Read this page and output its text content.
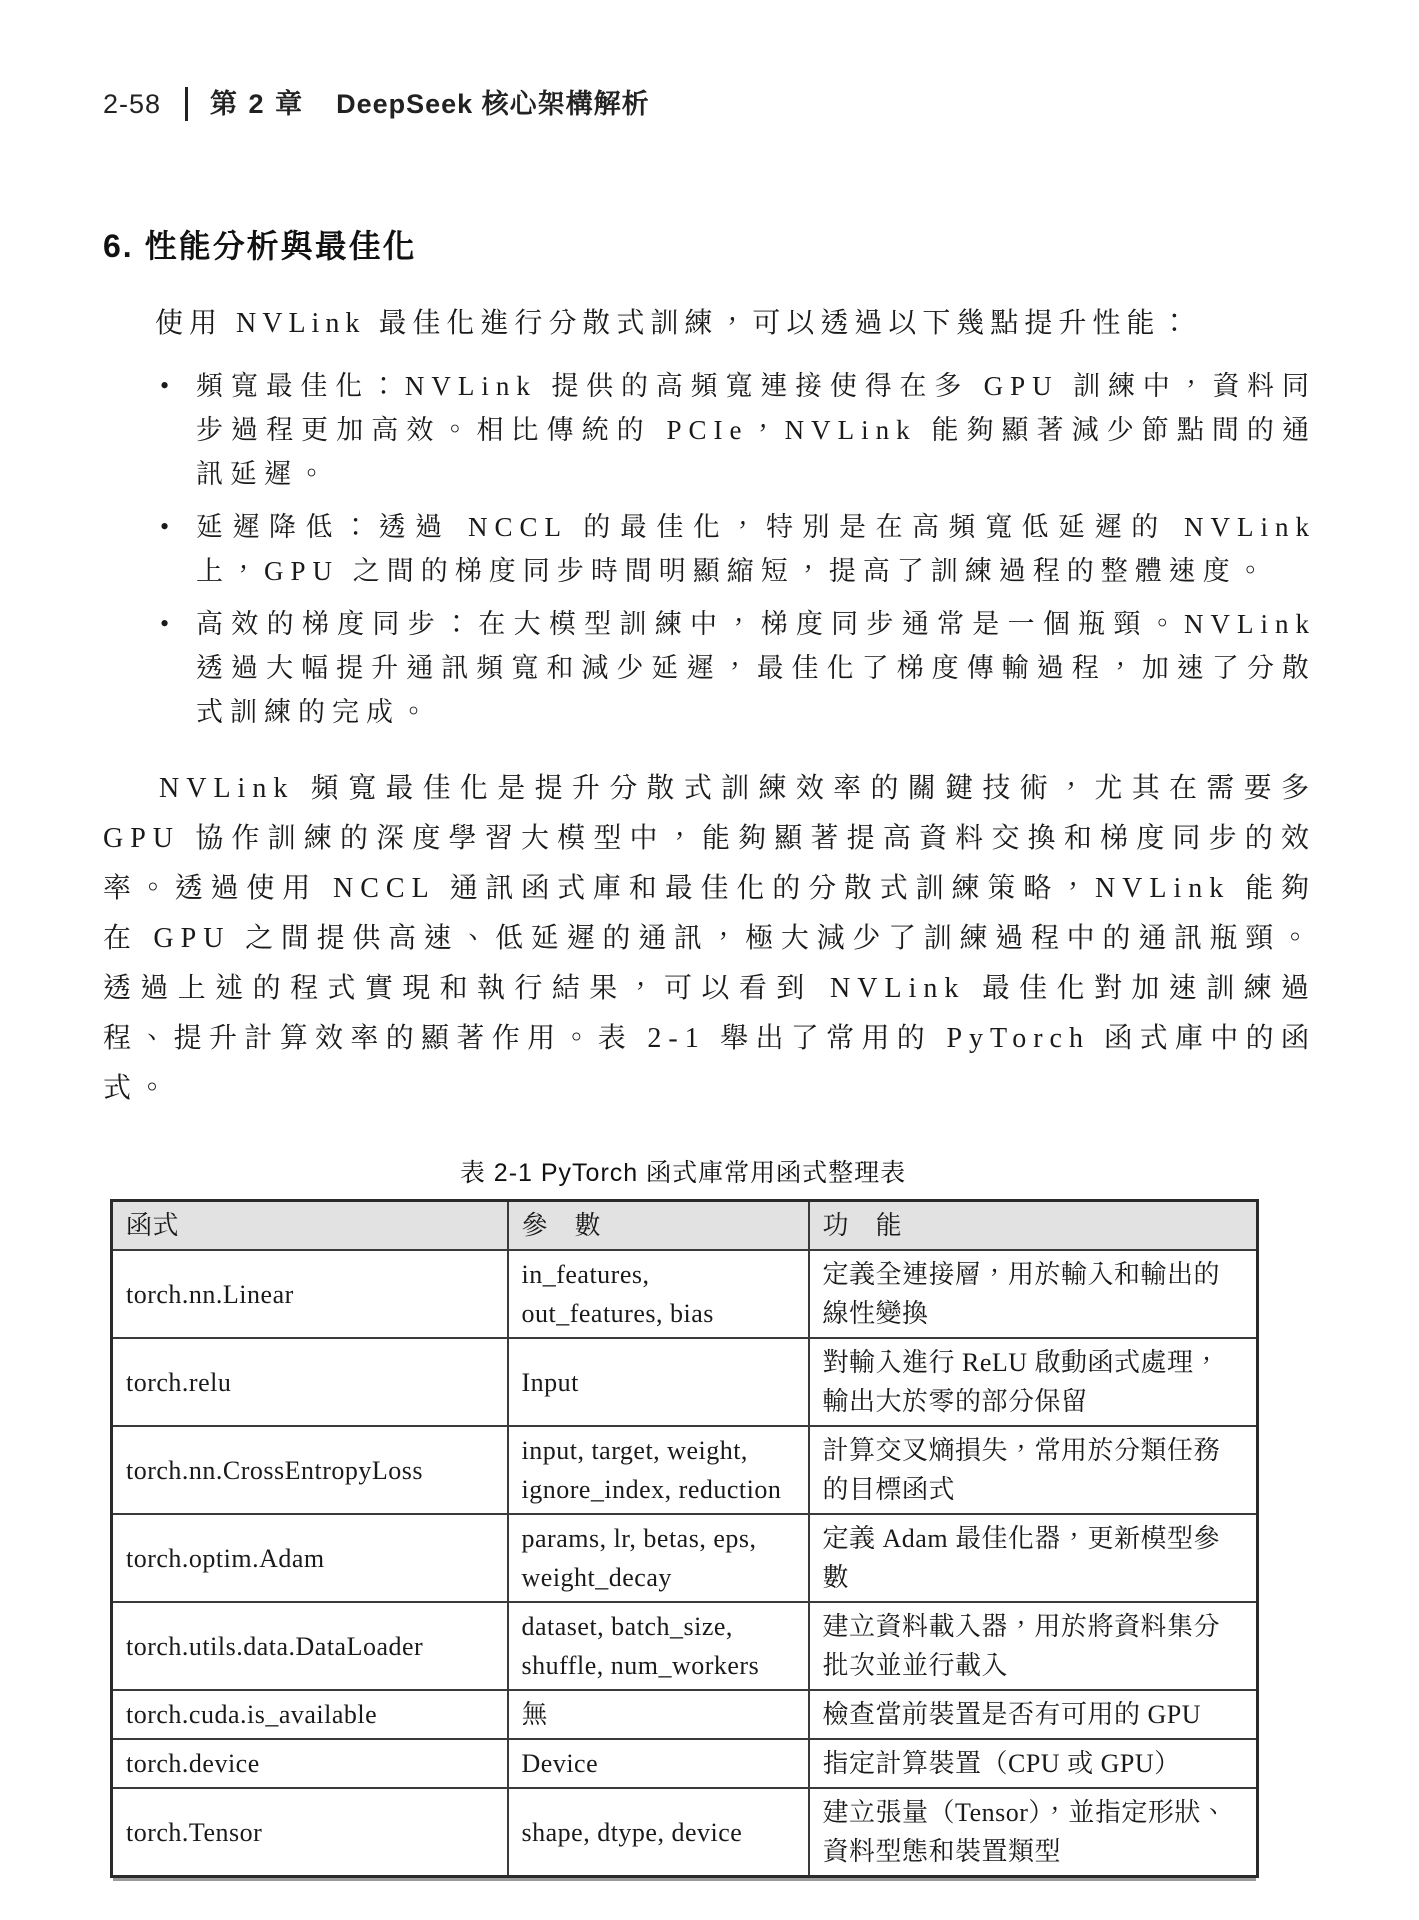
2-58 第 2 章 DeepSeek 核心架構解析
6. 性能分析與最佳化

使用 NVLink 最佳化進行分散式訓練，可以透過以下幾點提升性能：

• 頻寬最佳化：NVLink 提供的高頻寬連接使得在多 GPU 訓練中，資料同步過程更加高效。相比傳統的 PCIe，NVLink 能夠顯著減少節點間的通訊延遲。
• 延遲降低：透過 NCCL 的最佳化，特別是在高頻寬低延遲的 NVLink 上，GPU 之間的梯度同步時間明顯縮短，提高了訓練過程的整體速度。
• 高效的梯度同步：在大模型訓練中，梯度同步通常是一個瓶頸。NVLink 透過大幅提升通訊頻寬和減少延遲，最佳化了梯度傳輸過程，加速了分散式訓練的完成。

NVLink 頻寬最佳化是提升分散式訓練效率的關鍵技術，尤其在需要多 GPU 協作訓練的深度學習大模型中，能夠顯著提高資料交換和梯度同步的效率。透過使用 NCCL 通訊函式庫和最佳化的分散式訓練策略，NVLink 能夠在 GPU 之間提供高速、低延遲的通訊，極大減少了訓練過程中的通訊瓶頸。透過上述的程式實現和執行結果，可以看到 NVLink 最佳化對加速訓練過程、提升計算效率的顯著作用。表 2-1 舉出了常用的 PyTorch 函式庫中的函式。

表 2-1 PyTorch 函式庫常用函式整理表
函式	參　數	功　能
torch.nn.Linear	in_features, out_features, bias	定義全連接層，用於輸入和輸出的線性變換
torch.relu	Input	對輸入進行 ReLU 啟動函式處理，輸出大於零的部分保留
torch.nn.CrossEntropyLoss	input, target, weight, ignore_index, reduction	計算交叉熵損失，常用於分類任務的目標函式
torch.optim.Adam	params, lr, betas, eps, weight_decay	定義 Adam 最佳化器，更新模型參數
torch.utils.data.DataLoader	dataset, batch_size, shuffle, num_workers	建立資料載入器，用於將資料集分批次並並行載入
torch.cuda.is_available	無	檢查當前裝置是否有可用的 GPU
torch.device	Device	指定計算裝置（CPU 或 GPU）
torch.Tensor	shape, dtype, device	建立張量（Tensor），並指定形狀、資料型態和裝置類型
